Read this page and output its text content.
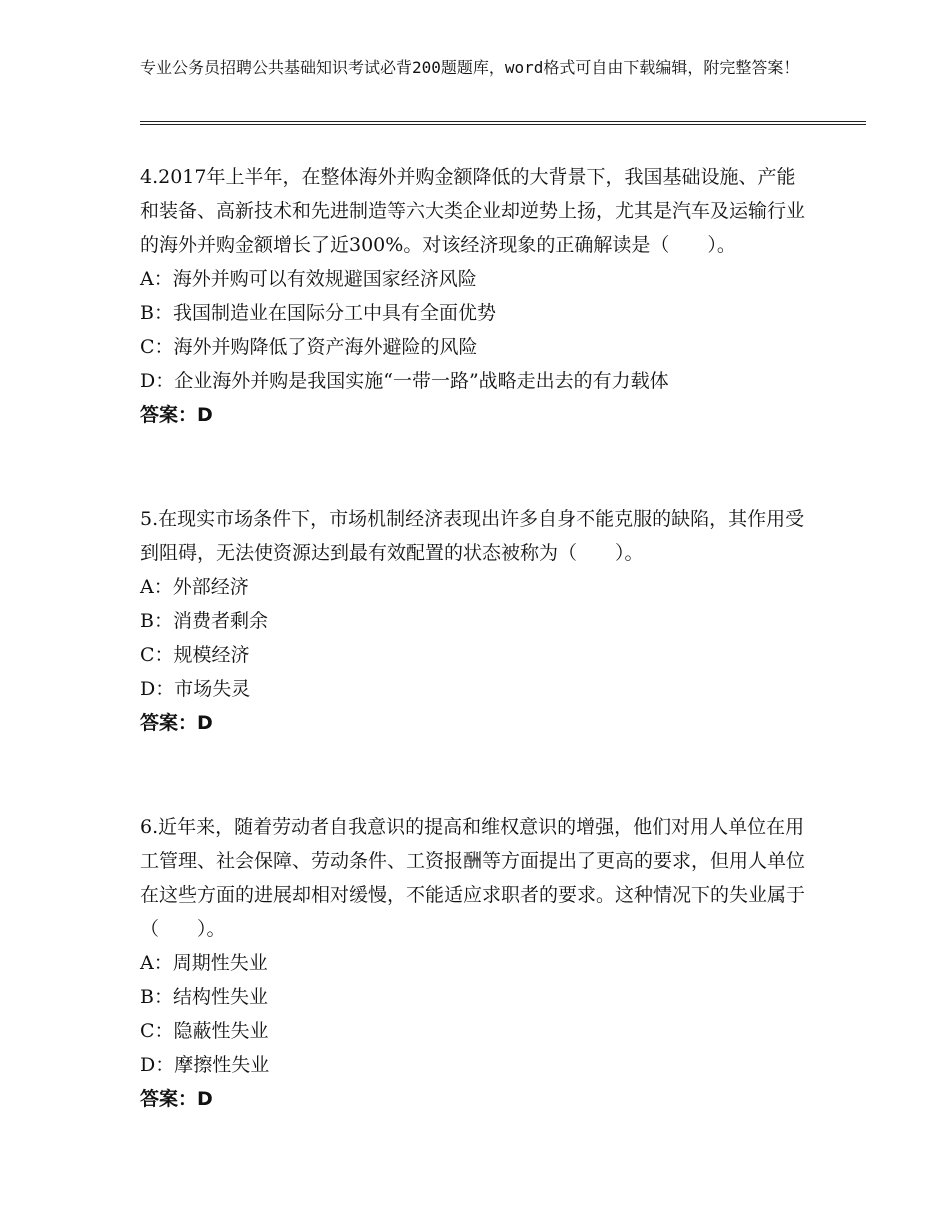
专业公务员招聘公共基础知识考试必背200题题库，word格式可自由下载编辑，附完整答案！

4.2017年上半年，在整体海外并购金额降低的大背景下，我国基础设施、产能和装备、高新技术和先进制造等六大类企业却逆势上扬，尤其是汽车及运输行业的海外并购金额增长了近300%。对该经济现象的正确解读是（　　）。

A：海外并购可以有效规避国家经济风险

B：我国制造业在国际分工中具有全面优势

C：海外并购降低了资产海外避险的风险

D：企业海外并购是我国实施“一带一路”战略走出去的有力载体

答案：D

5.在现实市场条件下，市场机制经济表现出许多自身不能克服的缺陷，其作用受到阻碍，无法使资源达到最有效配置的状态被称为（　　）。

A：外部经济

B：消费者剩余

C：规模经济

D：市场失灵

答案：D

6.近年来，随着劳动者自我意识的提高和维权意识的增强，他们对用人单位在用工管理、社会保障、劳动条件、工资报酬等方面提出了更高的要求，但用人单位在这些方面的进展却相对缓慢，不能适应求职者的要求。这种情况下的失业属于（　　）。

A：周期性失业

B：结构性失业

C：隐蔽性失业

D：摩擦性失业

答案：D
